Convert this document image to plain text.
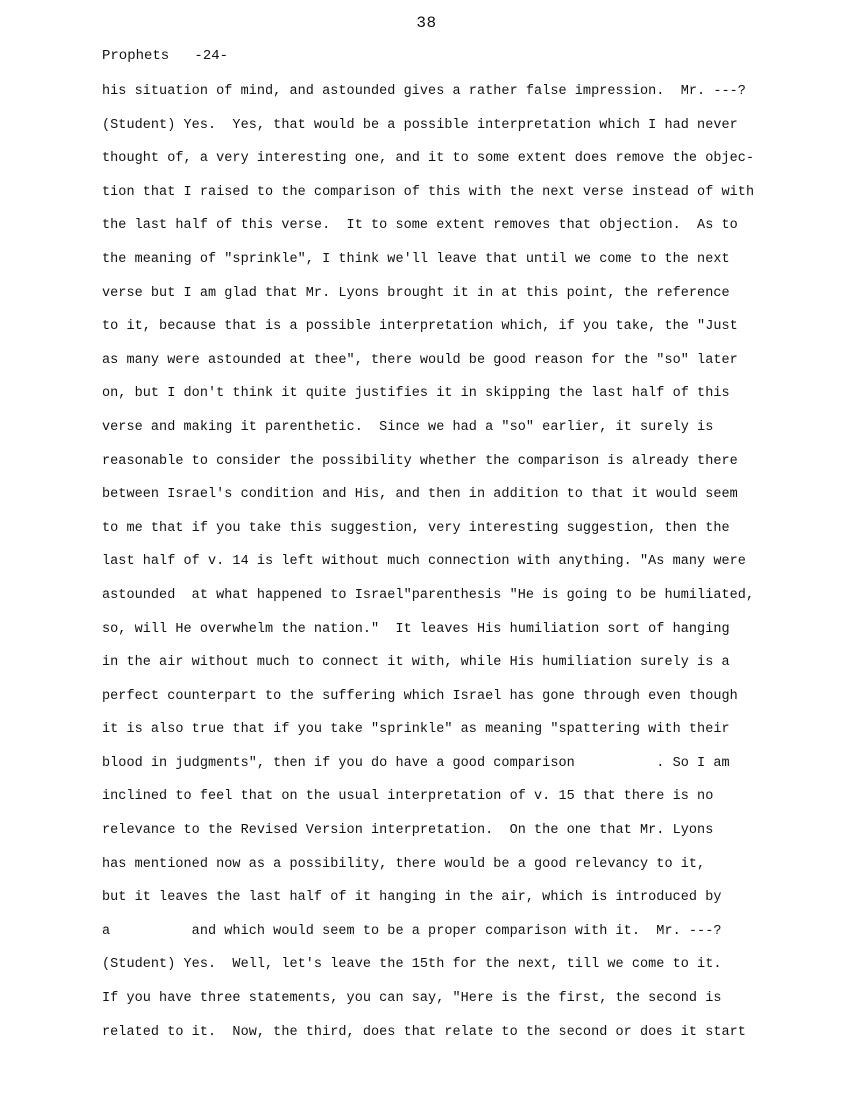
38
Prophets   -24-
his situation of mind, and astounded gives a rather false impression.  Mr. ---?
(Student) Yes.  Yes, that would be a possible interpretation which I had never
thought of, a very interesting one, and it to some extent does remove the objec-
tion that I raised to the comparison of this with the next verse instead of with
the last half of this verse.  It to some extent removes that objection.  As to
the meaning of "sprinkle", I think we'll leave that until we come to the next
verse but I am glad that Mr. Lyons brought it in at this point, the reference
to it, because that is a possible interpretation which, if you take, the "Just
as many were astounded at thee", there would be good reason for the "so" later
on, but I don't think it quite justifies it in skipping the last half of this
verse and making it parenthetic.  Since we had a "so" earlier, it surely is
reasonable to consider the possibility whether the comparison is already there
between Israel's condition and His, and then in addition to that it would seem
to me that if you take this suggestion, very interesting suggestion, then the
last half of v. 14 is left without much connection with anything. "As many were
astounded  at what happened to Israel"parenthesis "He is going to be humiliated,
so, will He overwhelm the nation."  It leaves His humiliation sort of hanging
in the air without much to connect it with, while His humiliation surely is a
perfect counterpart to the suffering which Israel has gone through even though
it is also true that if you take "sprinkle" as meaning "spattering with their
blood in judgments", then if you do have a good comparison          . So I am
inclined to feel that on the usual interpretation of v. 15 that there is no
relevance to the Revised Version interpretation.  On the one that Mr. Lyons
has mentioned now as a possibility, there would be a good relevancy to it,
but it leaves the last half of it hanging in the air, which is introduced by
a          and which would seem to be a proper comparison with it.  Mr. ---?
(Student) Yes.  Well, let's leave the 15th for the next, till we come to it.
If you have three statements, you can say, "Here is the first, the second is
related to it.  Now, the third, does that relate to the second or does it start
